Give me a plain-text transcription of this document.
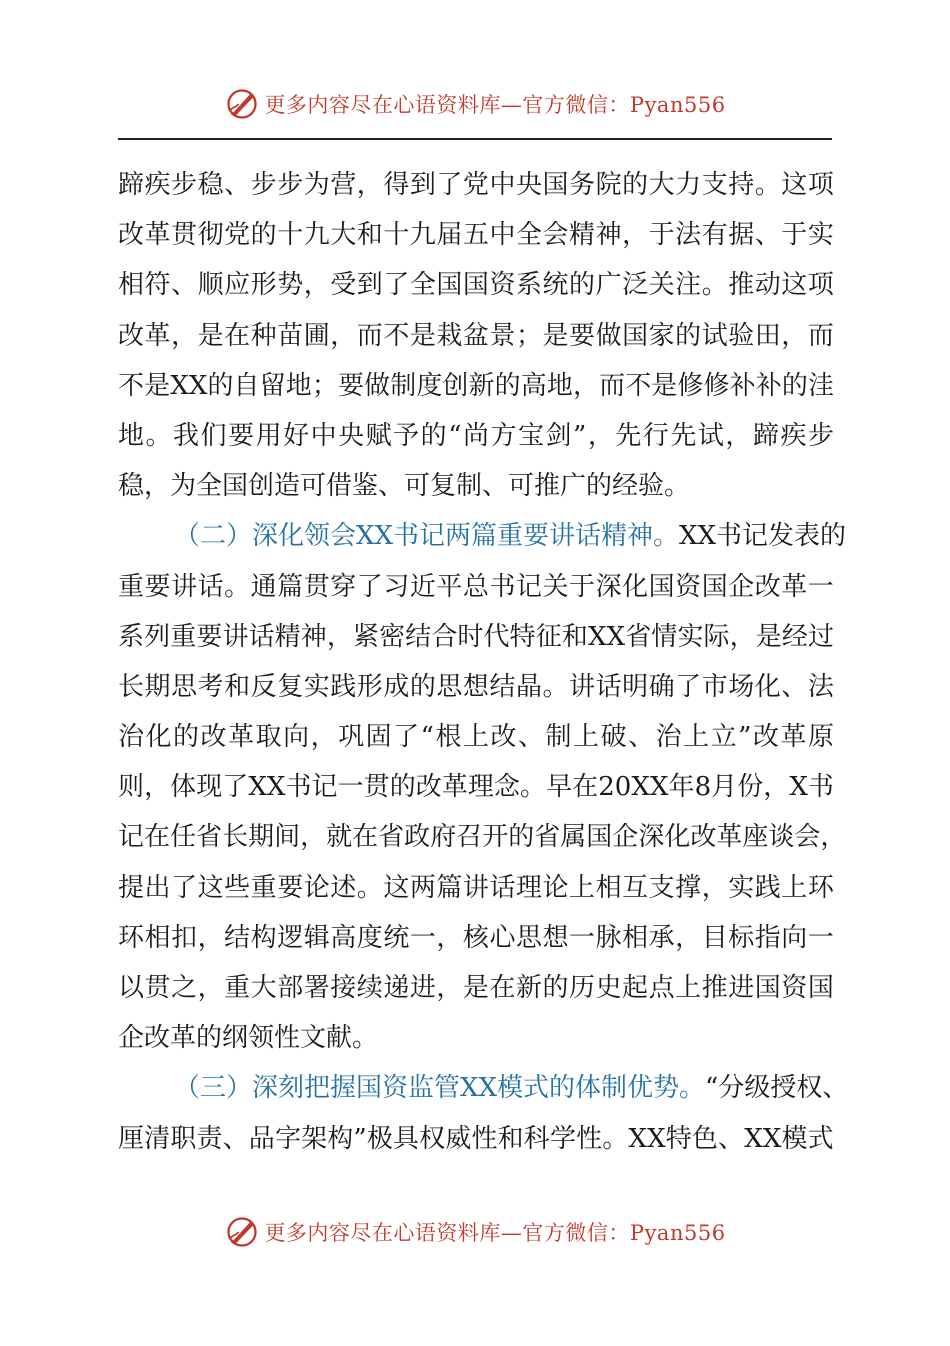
更多内容尽在心语资料库—官方微信：Pyan556
蹄 疾 步 稳 、 步 步 为 营 ， 得 到 了 党 中 央 国 务 院 的 大 力 支 持 。 这 项
改 革 贯 彻 党 的 十 九 大 和 十 九 届 五 中 全 会 精 神 ， 于 法 有 据 、 于 实
相 符 、 顺 应 形 势 ， 受 到 了 全 国 国 资 系 统 的 广 泛 关 注 。 推 动 这 项
改 革 ， 是 在 种 苗 圃 ， 而 不 是 栽 盆 景 ； 是 要 做 国 家 的 试 验 田 ， 而
不 是 X X 的 自 留 地 ； 要 做 制 度 创 新 的 高 地 ， 而 不 是 修 修 补 补 的 洼
地 。 我 们 要 用 好 中 央 赋 予 的 “ 尚 方 宝 剑 ” ， 先 行 先 试 ， 蹄 疾 步
稳，为全国创造可借鉴、可复制、可推广的经验。
（二）深化领会XX书记两篇重要讲话精神。 XX书记发表的
重 要 讲 话 。 通 篇 贯 穿 了 习 近 平 总 书 记 关 于 深 化 国 资 国 企 改 革 一
系 列 重 要 讲 话 精 神 ， 紧 密 结 合 时 代 特 征 和 X X 省 情 实 际 ， 是 经 过
长 期 思 考 和 反 复 实 践 形 成 的 思 想 结 晶 。 讲 话 明 确 了 市 场 化 、 法
治 化 的 改 革 取 向 ， 巩 固 了 “ 根 上 改 、 制 上 破 、 治 上 立 ” 改 革 原
则 ， 体 现 了 X X 书 记 一 贯 的 改 革 理 念 。 早 在 2 0 X X 年 8 月 份 ， X 书
记 在 任 省 长 期 间 ， 就 在 省 政 府 召 开 的 省 属 国 企 深 化 改 革 座 谈 会 ，
提 出 了 这 些 重 要 论 述 。 这 两 篇 讲 话 理 论 上 相 互 支 撑 ， 实 践 上 环
环 相 扣 ， 结 构 逻 辑 高 度 统 一 ， 核 心 思 想 一 脉 相 承 ， 目 标 指 向 一
以 贯 之 ， 重 大 部 署 接 续 递 进 ， 是 在 新 的 历 史 起 点 上 推 进 国 资 国
企改革的纲领性文献。
（三）深刻把握国资监管XX模式的体制优势。 “分级授权、
厘 清 职 责 、 品 字 架 构 ” 极 具 权 威 性 和 科 学 性 。 X X 特 色 、 X X 模 式
更多内容尽在心语资料库—官方微信：Pyan556
